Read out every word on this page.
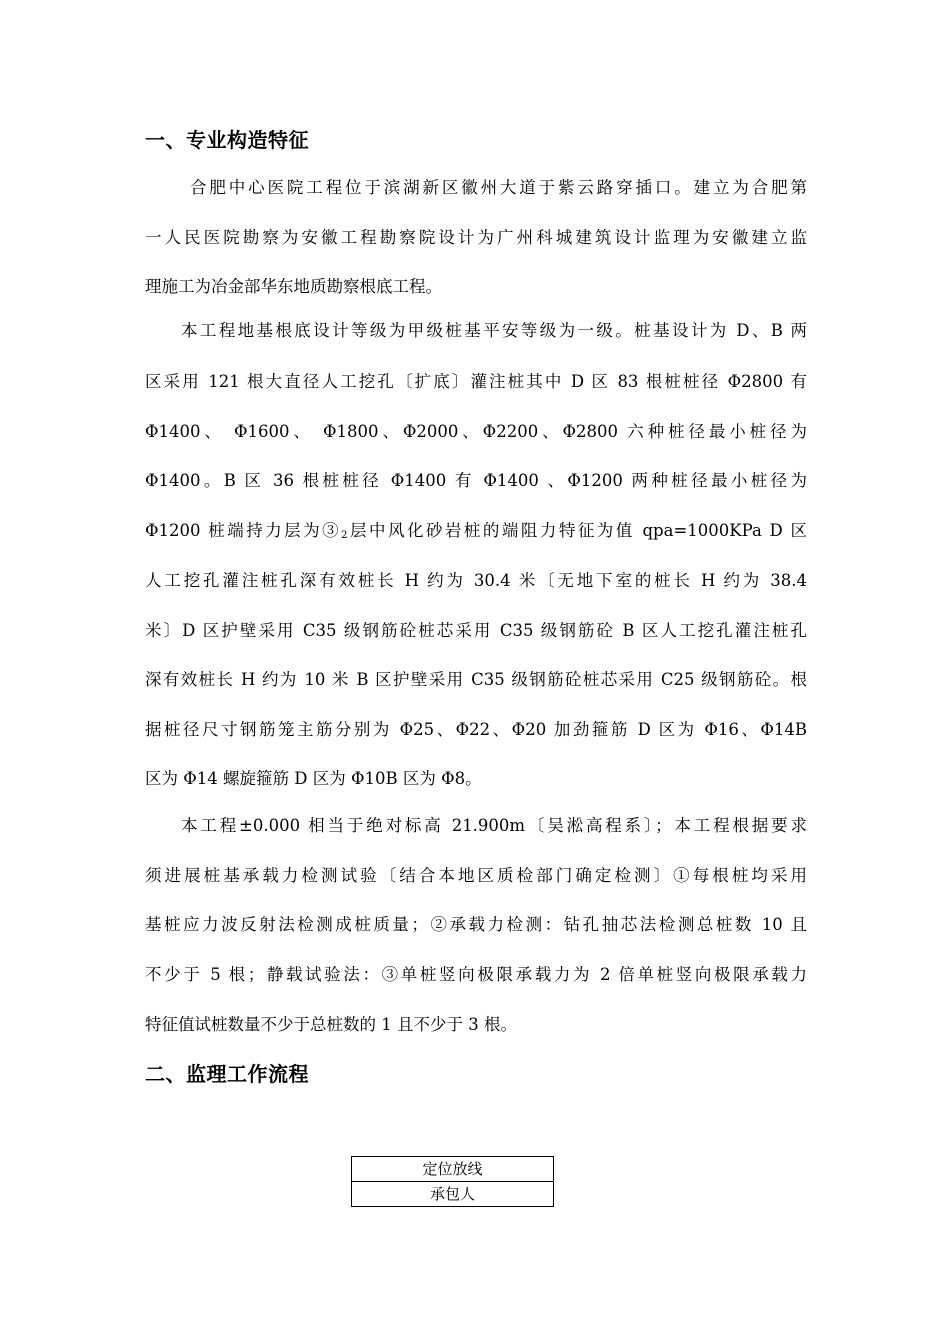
一、专业构造特征
合肥中心医院工程位于滨湖新区徽州大道于紫云路穿插口。建立为合肥第
一人民医院勘察为安徽工程勘察院设计为广州科城建筑设计监理为安徽建立监
理施工为冶金部华东地质勘察根底工程。
本工程地基根底设计等级为甲级桩基平安等级为一级。桩基设计为 D、B 两
区采用 121 根大直径人工挖孔〔扩底〕灌注桩其中 D 区 83 根桩桩径 Φ2800 有
Φ1400、 Φ1600、 Φ1800、Φ2000、Φ2200、Φ2800 六种桩径最小桩径为
Φ1400。B 区 36 根桩桩径 Φ1400 有 Φ1400 、Φ1200 两种桩径最小桩径为
Φ1200 桩端持力层为$③_2$层中风化砂岩桩的端阻力特征为值 qpa=1000KPa D 区
人工挖孔灌注桩孔深有效桩长 H 约为 30.4 米〔无地下室的桩长 H 约为 38.4
米〕D 区护壁采用 C35 级钢筋砼桩芯采用 C35 级钢筋砼 B 区人工挖孔灌注桩孔
深有效桩长 H 约为 10 米 B 区护壁采用 C35 级钢筋砼桩芯采用 C25 级钢筋砼。根
据桩径尺寸钢筋笼主筋分别为 Φ25、Φ22、Φ20 加劲箍筋 D 区为 Φ16、Φ14B
区为 Φ14 螺旋箍筋 D 区为 Φ10B 区为 Φ8。
本工程±0.000 相当于绝对标高 21.900m〔吴淞高程系〕；本工程根据要求
须进展桩基承载力检测试验〔结合本地区质检部门确定检测〕①每根桩均采用
基桩应力波反射法检测成桩质量；②承载力检测：钻孔抽芯法检测总桩数 10 且
不少于 5 根；静载试验法：③单桩竖向极限承载力为 2 倍单桩竖向极限承载力
特征值试桩数量不少于总桩数的 1 且不少于 3 根。
二、监理工作流程
定位放线
承包人
